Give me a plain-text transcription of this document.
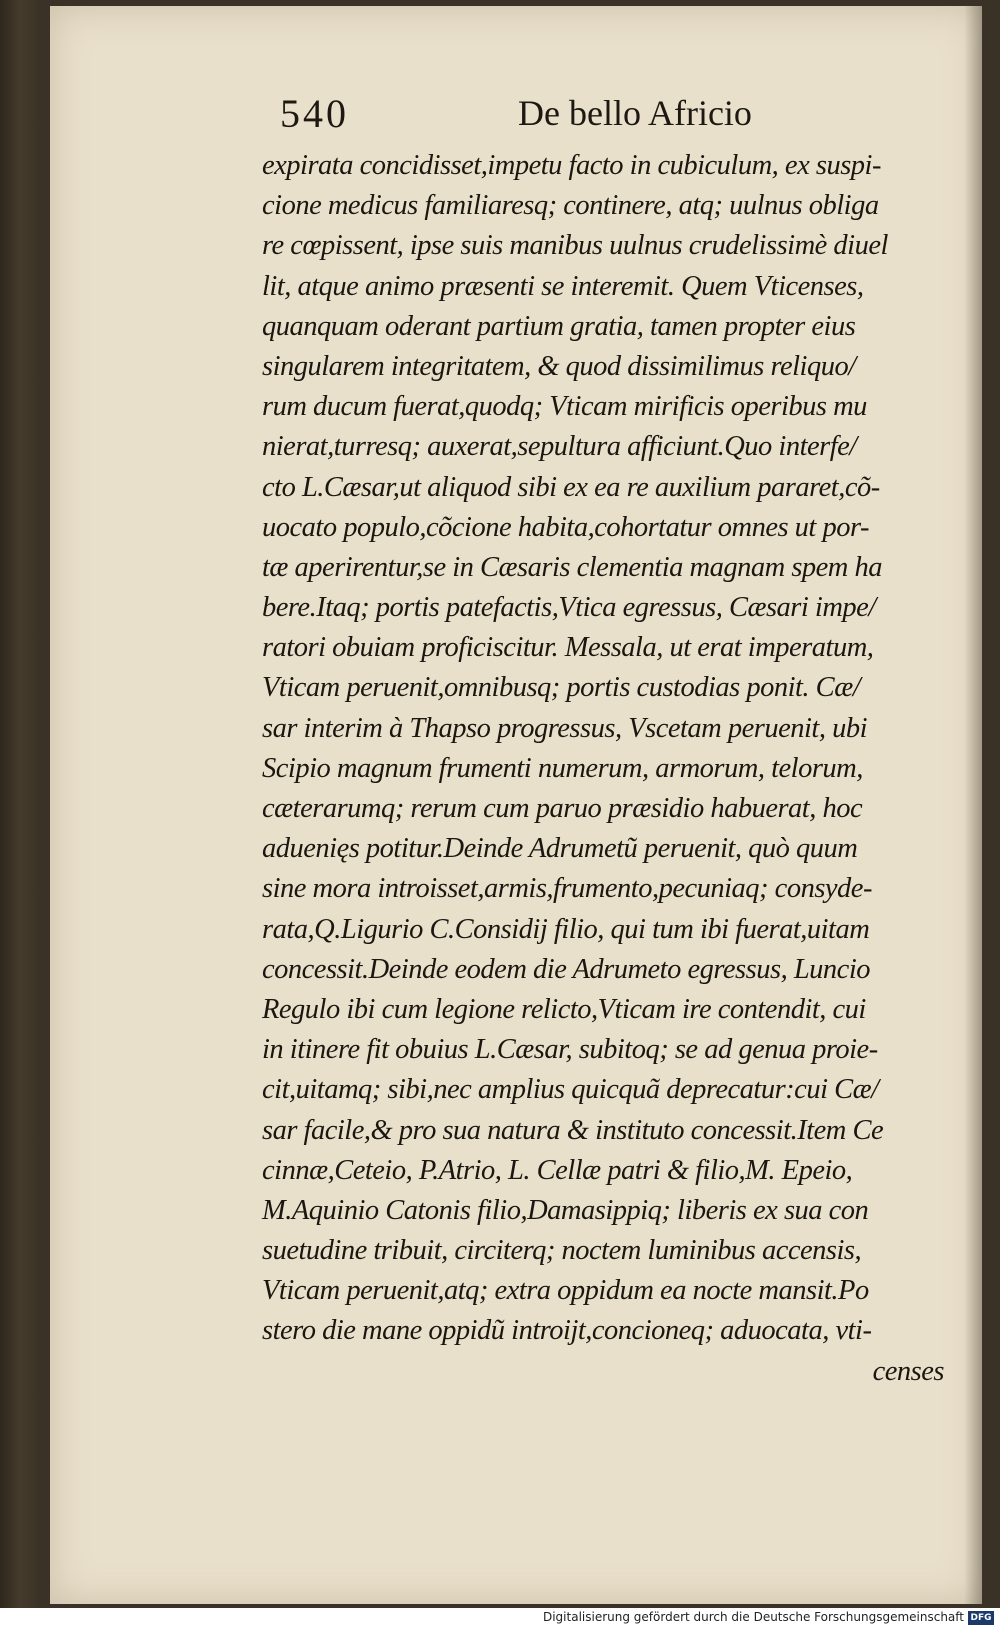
540	De bello Africio
expirata concidisset,impetu facto in cubiculum, ex suspi-
cione medicus familiaresq; continere, atq; uulnus obliga
re cœpissent, ipse suis manibus uulnus crudelissimè diuel
lit, atque animo præsenti se interemit. Quem Vticenses,
quanquam oderant partium gratia, tamen propter eius
singularem integritatem, & quod dissimilimus reliquo/
rum ducum fuerat,quodq; Vticam mirificis operibus mu
nierat,turresq; auxerat,sepultura afficiunt.Quo interfe/
cto L.Cæsar,ut aliquod sibi ex ea re auxilium pararet,cõ-
uocato populo,cõcione habita,cohortatur omnes ut por-
tæ aperirentur,se in Cæsaris clementia magnam spem ha
bere.Itaq; portis patefactis,Vtica egressus, Cæsari impe/
ratori obuiam proficiscitur. Messala, ut erat imperatum,
Vticam peruenit,omnibusq; portis custodias ponit. Cæ/
sar interim à Thapso progressus, Vscetam peruenit, ubi
Scipio magnum frumenti numerum, armorum, telorum,
cæterarumq; rerum cum paruo præsidio habuerat, hoc
aduenięs potitur.Deinde Adrumetũ peruenit, quò quum
sine mora introisset,armis,frumento,pecuniaq; consyde-
rata,Q.Ligurio C.Considij filio, qui tum ibi fuerat,uitam
concessit.Deinde eodem die Adrumeto egressus, Luncio
Regulo ibi cum legione relicto,Vticam ire contendit, cui
in itinere fit obuius L.Cæsar, subitoq; se ad genua proie-
cit,uitamq; sibi,nec amplius quicquã deprecatur:cui Cæ/
sar facile,& pro sua natura & instituto concessit.Item Ce
cinnæ,Ceteio, P.Atrio, L. Cellæ patri & filio,M. Epeio,
M.Aquinio Catonis filio,Damasippiq; liberis ex sua con
suetudine tribuit, circiterq; noctem luminibus accensis,
Vticam peruenit,atq; extra oppidum ea nocte mansit.Po
stero die mane oppidũ introijt,concioneq; aduocata, vti-
censes
Digitalisierung gefördert durch die Deutsche Forschungsgemeinschaft DFG
